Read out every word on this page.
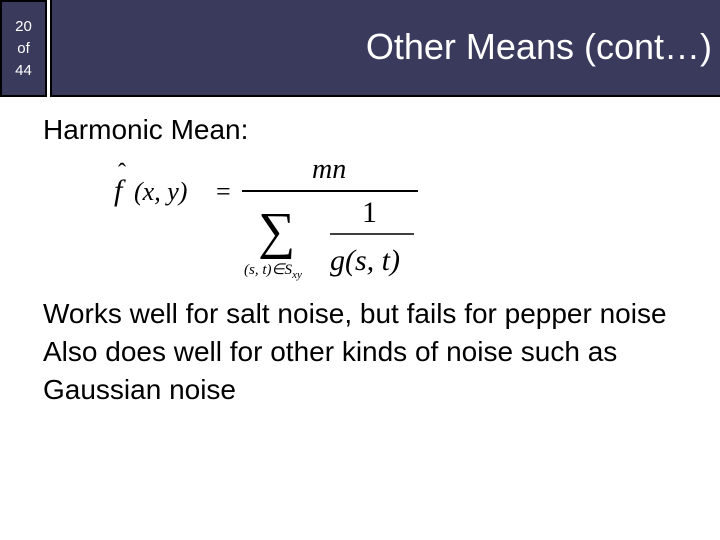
20
of
44
Other Means (cont…)
Harmonic Mean:
f
ˆ
(x, y) =
mn
∑
(s, $t)\in S_{xy}$
1
g(s, t)

Works well for salt noise, but fails for pepper noise

Also does well for other kinds of noise such as Gaussian noise
